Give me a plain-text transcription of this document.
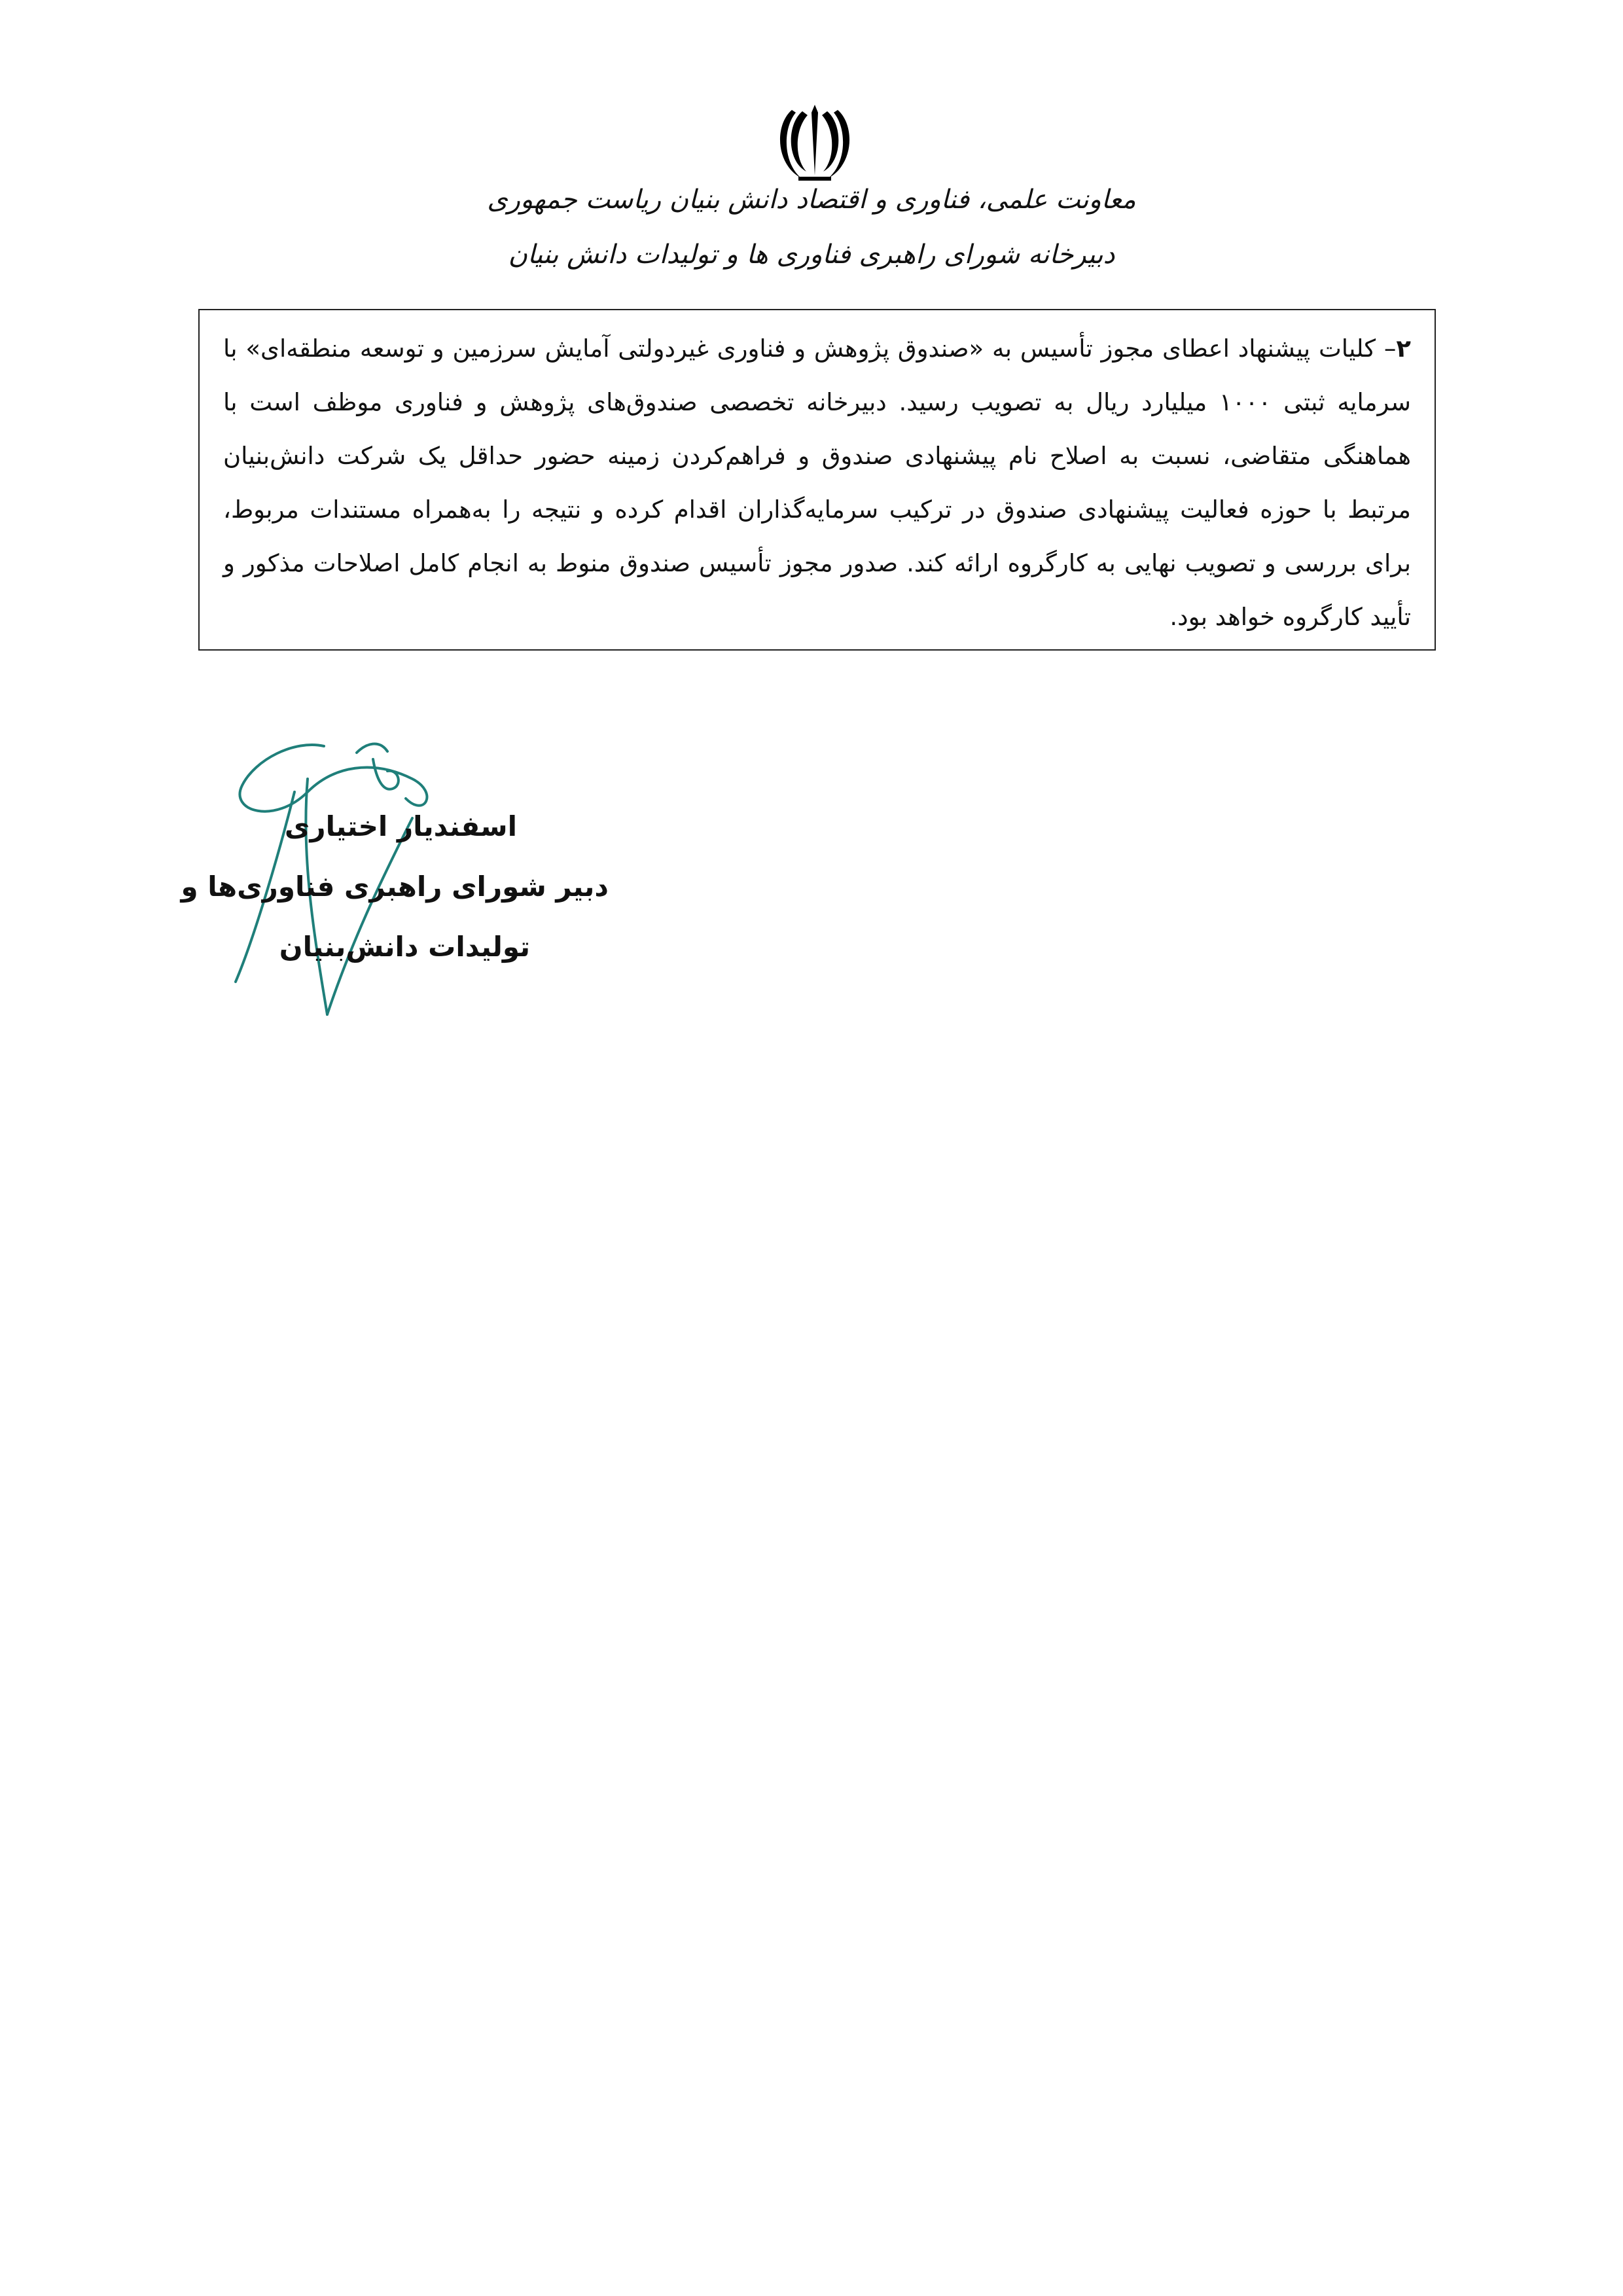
معاونت علمی، فناوری و اقتصاد دانش بنیان ریاست جمهوری
دبیرخانه شورای راهبری فناوری ها و تولیدات دانش بنیان

۲– کلیات پیشنهاد اعطای مجوز تأسیس به «صندوق پژوهش و فناوری غیردولتی آمایش سرزمین و توسعه منطقه‌ای» با سرمایه ثبتی ۱۰۰۰ میلیارد ریال به تصویب رسید. دبیرخانه تخصصی صندوق‌های پژوهش و فناوری موظف است با هماهنگی متقاضی، نسبت به اصلاح نام پیشنهادی صندوق و فراهم‌کردن زمینه حضور حداقل یک شرکت دانش‌بنیان مرتبط با حوزه فعالیت پیشنهادی صندوق در ترکیب سرمایه‌گذاران اقدام کرده و نتیجه را به‌همراه مستندات مربوط، برای بررسی و تصویب نهایی به کارگروه ارائه کند. صدور مجوز تأسیس صندوق منوط به انجام کامل اصلاحات مذکور و تأیید کارگروه خواهد بود.

اسفندیار اختیاری
دبیر شورای راهبری فناوری‌ها و
تولیدات دانش‌بنیان
